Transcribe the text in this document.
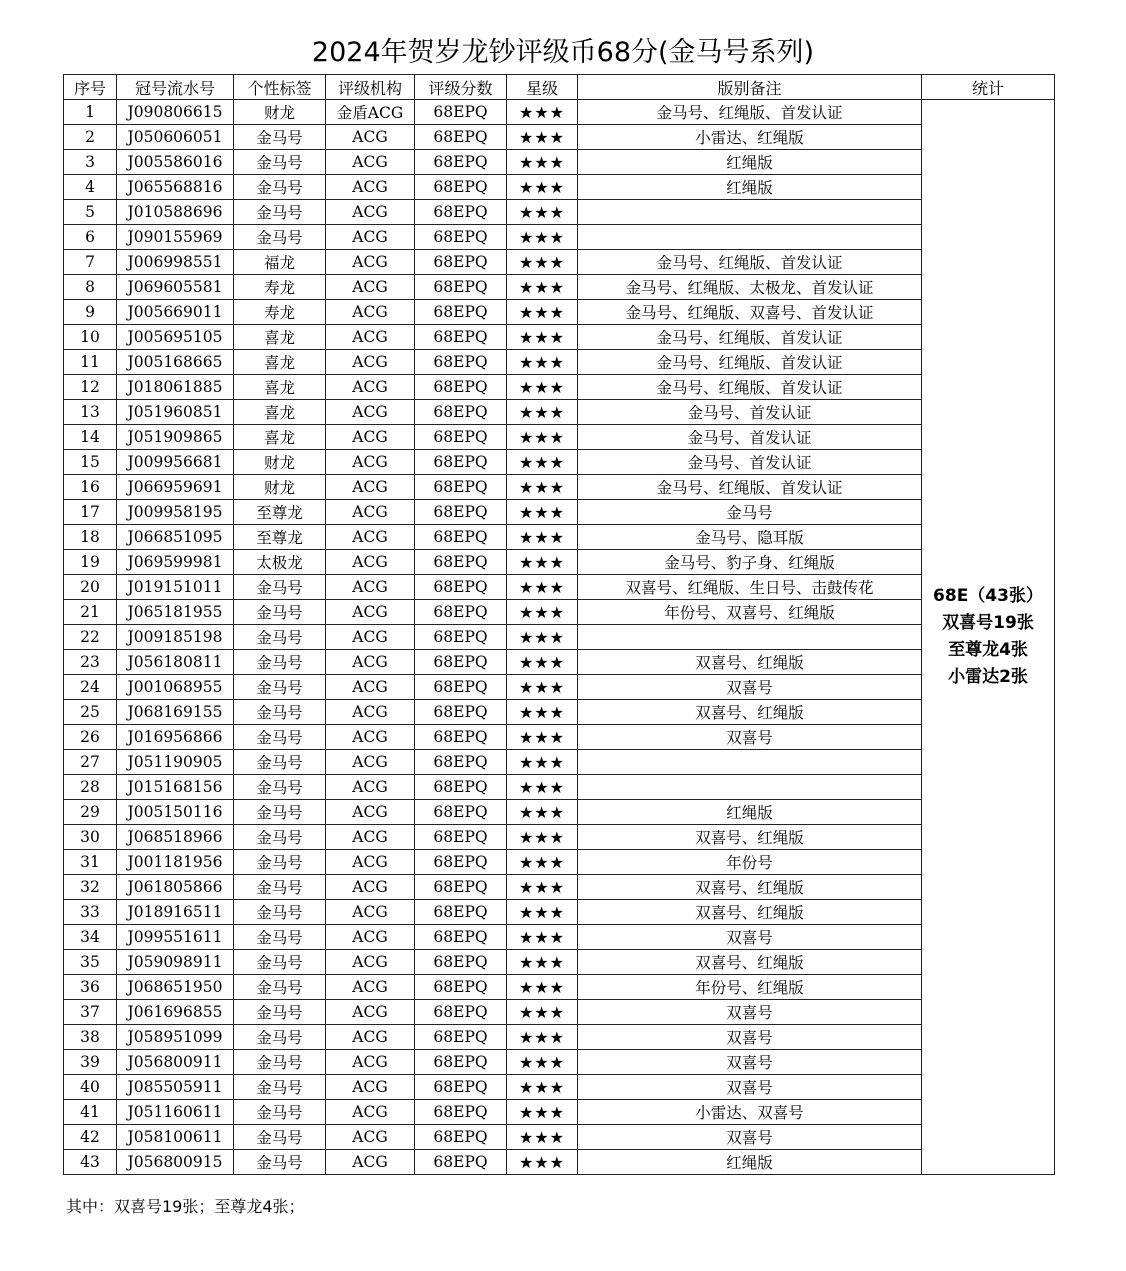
2024年贺岁龙钞评级币68分(金马号系列)
序号	冠号流水号	个性标签	评级机构	评级分数	星级	版别备注	统计
1	J090806615	财龙	金盾ACG	68EPQ	★★★	金马号、红绳版、首发认证	68E（43张）
双喜号19张
至尊龙4张
小雷达2张

2	J050606051	金马号	ACG	68EPQ	★★★	小雷达、红绳版	
3	J005586016	金马号	ACG	68EPQ	★★★	红绳版	
4	J065568816	金马号	ACG	68EPQ	★★★	红绳版	
5	J010588696	金马号	ACG	68EPQ	★★★		
6	J090155969	金马号	ACG	68EPQ	★★★		
7	J006998551	福龙	ACG	68EPQ	★★★	金马号、红绳版、首发认证	
8	J069605581	寿龙	ACG	68EPQ	★★★	金马号、红绳版、太极龙、首发认证	
9	J005669011	寿龙	ACG	68EPQ	★★★	金马号、红绳版、双喜号、首发认证	
10	J005695105	喜龙	ACG	68EPQ	★★★	金马号、红绳版、首发认证	
11	J005168665	喜龙	ACG	68EPQ	★★★	金马号、红绳版、首发认证	
12	J018061885	喜龙	ACG	68EPQ	★★★	金马号、红绳版、首发认证	
13	J051960851	喜龙	ACG	68EPQ	★★★	金马号、首发认证	
14	J051909865	喜龙	ACG	68EPQ	★★★	金马号、首发认证	
15	J009956681	财龙	ACG	68EPQ	★★★	金马号、首发认证	
16	J066959691	财龙	ACG	68EPQ	★★★	金马号、红绳版、首发认证	
17	J009958195	至尊龙	ACG	68EPQ	★★★	金马号	
18	J066851095	至尊龙	ACG	68EPQ	★★★	金马号、隐耳版	
19	J069599981	太极龙	ACG	68EPQ	★★★	金马号、豹子身、红绳版	
20	J019151011	金马号	ACG	68EPQ	★★★	双喜号、红绳版、生日号、击鼓传花	
21	J065181955	金马号	ACG	68EPQ	★★★	年份号、双喜号、红绳版	
22	J009185198	金马号	ACG	68EPQ	★★★		
23	J056180811	金马号	ACG	68EPQ	★★★	双喜号、红绳版	
24	J001068955	金马号	ACG	68EPQ	★★★	双喜号	
25	J068169155	金马号	ACG	68EPQ	★★★	双喜号、红绳版	
26	J016956866	金马号	ACG	68EPQ	★★★	双喜号	
27	J051190905	金马号	ACG	68EPQ	★★★		
28	J015168156	金马号	ACG	68EPQ	★★★		
29	J005150116	金马号	ACG	68EPQ	★★★	红绳版	
30	J068518966	金马号	ACG	68EPQ	★★★	双喜号、红绳版	
31	J001181956	金马号	ACG	68EPQ	★★★	年份号	
32	J061805866	金马号	ACG	68EPQ	★★★	双喜号、红绳版	
33	J018916511	金马号	ACG	68EPQ	★★★	双喜号、红绳版	
34	J099551611	金马号	ACG	68EPQ	★★★	双喜号	
35	J059098911	金马号	ACG	68EPQ	★★★	双喜号、红绳版	
36	J068651950	金马号	ACG	68EPQ	★★★	年份号、红绳版	
37	J061696855	金马号	ACG	68EPQ	★★★	双喜号	
38	J058951099	金马号	ACG	68EPQ	★★★	双喜号	
39	J056800911	金马号	ACG	68EPQ	★★★	双喜号	
40	J085505911	金马号	ACG	68EPQ	★★★	双喜号	
41	J051160611	金马号	ACG	68EPQ	★★★	小雷达、双喜号	
42	J058100611	金马号	ACG	68EPQ	★★★	双喜号	
43	J056800915	金马号	ACG	68EPQ	★★★	红绳版	
其中：双喜号19张；至尊龙4张；
